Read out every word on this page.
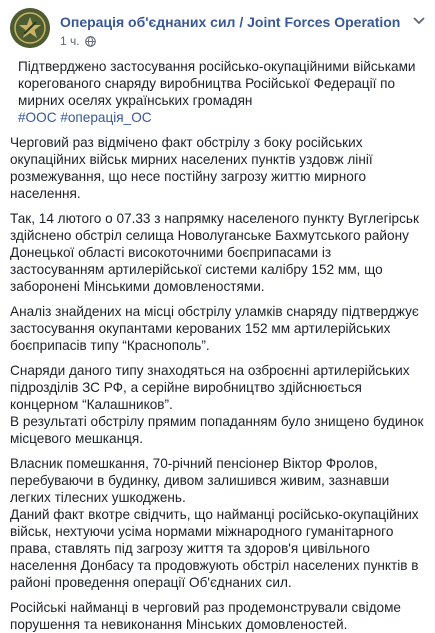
Операція об'єднаних сил / Joint Forces Operation
1 ч.

Підтверджено застосування російсько-окупаційними військами корегованого снаряду виробництва Російської Федерації по мирних оселях українських громадян

#ООС #операція_ОС

Черговий раз відмічено факт обстрілу з боку російських окупаційних військ мирних населених пунктів уздовж лінії розмежування, що несе постійну загрозу життю мирного населення.

Так, 14 лютого о 07.33 з напрямку населеного пункту Вуглегірськ здійснено обстріл селища Новолуганське Бахмутського району Донецької області високоточними боєприпасами із застосуванням артилерійської системи калібру 152 мм, що заборонені Мінськими домовленостями.

Аналіз знайдених на місці обстрілу уламків снаряду підтверджує застосування окупантами керованих 152 мм артилерійських боєприпасів типу “Краснополь”.

Снаряди даного типу знаходяться на озброєнні артилерійських підрозділів ЗС РФ, а серійне виробництво здійснюється концерном “Калашников”.

В результаті обстрілу прямим попаданням було знищено будинок місцевого мешканця.

Власник помешкання, 70-річний пенсіонер Віктор Фролов, перебуваючи в будинку, дивом залишився живим, зазнавши легких тілесних ушкоджень.

Даний факт вкотре свідчить, що найманці російсько-окупаційних військ, нехтуючи усіма нормами міжнародного гуманітарного права, ставлять під загрозу життя та здоров'я цивільного населення Донбасу та продовжують обстріл населених пунктів в районі проведення операції Об'єднаних сил.

Російські найманці в черговий раз продемонстрували свідоме порушення та невиконання Мінських домовленостей.
